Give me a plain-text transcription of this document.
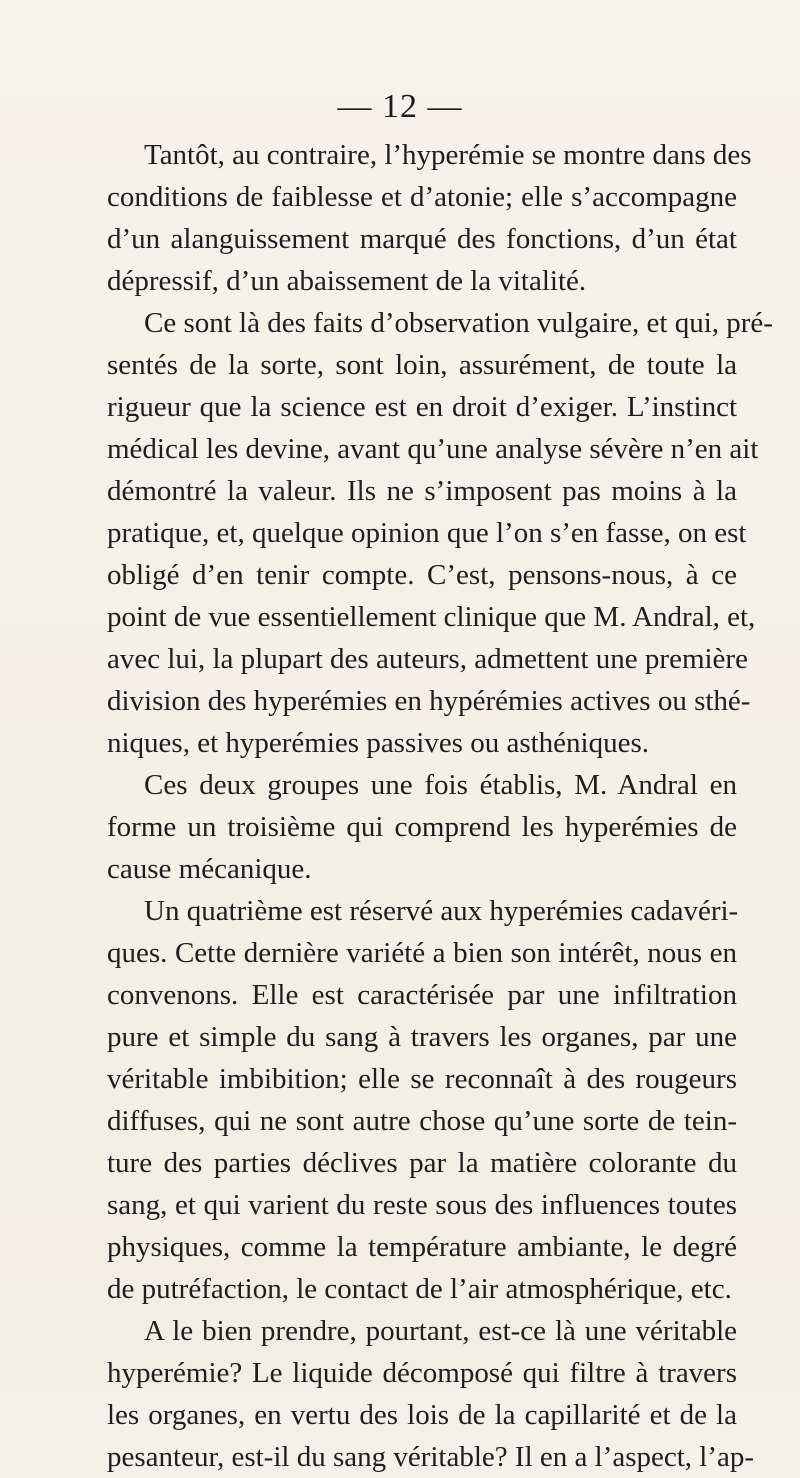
— 12 —
Tantôt, au contraire, l’hyperémie se montre dans des
conditions de faiblesse et d’atonie; elle s’accompagne
d’un alanguissement marqué des fonctions, d’un état
dépressif, d’un abaissement de la vitalité.
Ce sont là des faits d’observation vulgaire, et qui, pré-
sentés de la sorte, sont loin, assurément, de toute la
rigueur que la science est en droit d’exiger. L’instinct
médical les devine, avant qu’une analyse sévère n’en ait
démontré la valeur. Ils ne s’imposent pas moins à la
pratique, et, quelque opinion que l’on s’en fasse, on est
obligé d’en tenir compte. C’est, pensons-nous, à ce
point de vue essentiellement clinique que M. Andral, et,
avec lui, la plupart des auteurs, admettent une première
division des hyperémies en hypérémies actives ou sthé-
niques, et hyperémies passives ou asthéniques.
Ces deux groupes une fois établis, M. Andral en
forme un troisième qui comprend les hyperémies de
cause mécanique.
Un quatrième est réservé aux hyperémies cadavéri-
ques. Cette dernière variété a bien son intérêt, nous en
convenons. Elle est caractérisée par une infiltration
pure et simple du sang à travers les organes, par une
véritable imbibition; elle se reconnaît à des rougeurs
diffuses, qui ne sont autre chose qu’une sorte de tein-
ture des parties déclives par la matière colorante du
sang, et qui varient du reste sous des influences toutes
physiques, comme la température ambiante, le degré
de putréfaction, le contact de l’air atmosphérique, etc.
A le bien prendre, pourtant, est-ce là une véritable
hyperémie? Le liquide décomposé qui filtre à travers
les organes, en vertu des lois de la capillarité et de la
pesanteur, est-il du sang véritable? Il en a l’aspect, l’ap-
